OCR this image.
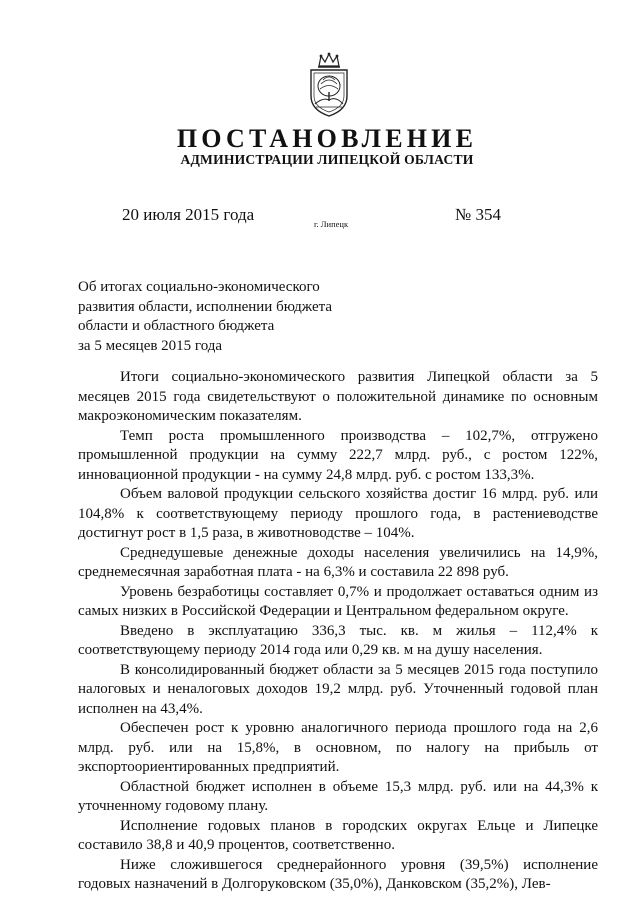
ПОСТАНОВЛЕНИЕ
АДМИНИСТРАЦИИ ЛИПЕЦКОЙ ОБЛАСТИ
20 июля 2015 года	г. Липецк	№ 354
Об итогах социально-экономического
развития области, исполнении бюджета
области и областного бюджета
за 5 месяцев 2015 года

Итоги социально-экономического развития Липецкой области за 5 месяцев 2015 года свидетельствуют о положительной динамике по основным макроэкономическим показателям.

Темп роста промышленного производства – 102,7%, отгружено промышленной продукции на сумму 222,7 млрд. руб., с ростом 122%, инновационной продукции - на сумму 24,8 млрд. руб. с ростом 133,3%.

Объем валовой продукции сельского хозяйства достиг 16 млрд. руб. или 104,8% к соответствующему периоду прошлого года, в растениеводстве достигнут рост в 1,5 раза, в животноводстве – 104%.

Среднедушевые денежные доходы населения увеличились на 14,9%, среднемесячная заработная плата - на 6,3% и составила 22 898 руб.

Уровень безработицы составляет 0,7% и продолжает оставаться одним из самых низких в Российской Федерации и Центральном федеральном округе.

Введено в эксплуатацию 336,3 тыс. кв. м жилья – 112,4% к соответствующему периоду 2014 года или 0,29 кв. м на душу населения.

В консолидированный бюджет области за 5 месяцев 2015 года поступило налоговых и неналоговых доходов 19,2 млрд. руб. Уточненный годовой план исполнен на 43,4%.

Обеспечен рост к уровню аналогичного периода прошлого года на 2,6 млрд. руб. или на 15,8%, в основном, по налогу на прибыль от экспортоориентированных предприятий.

Областной бюджет исполнен в объеме 15,3 млрд. руб. или на 44,3% к уточненному годовому плану.

Исполнение годовых планов в городских округах Ельце и Липецке составило 38,8 и 40,9 процентов, соответственно.

Ниже сложившегося среднерайонного уровня (39,5%) исполнение годовых назначений в Долгоруковском (35,0%), Данковском (35,2%), Лев-
